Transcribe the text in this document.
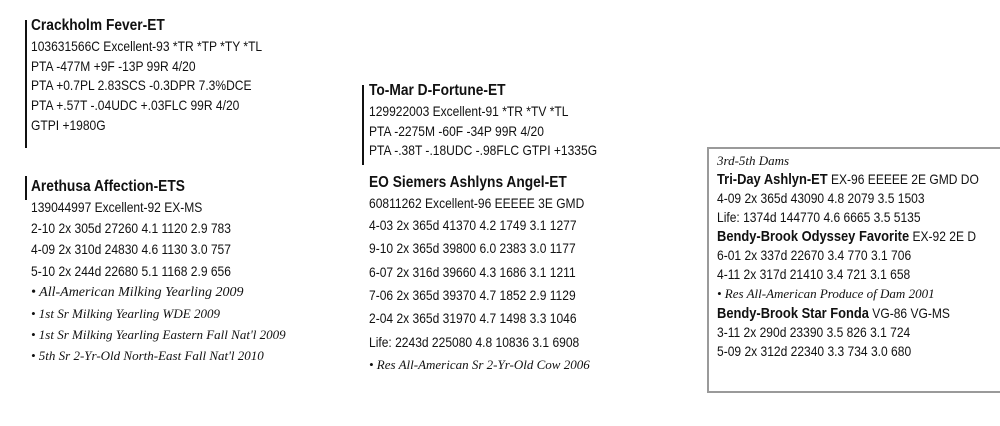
Crackholm Fever-ET
103631566C Excellent-93 *TR *TP *TY *TL
PTA -477M +9F -13P 99R 4/20
PTA +0.7PL 2.83SCS -0.3DPR 7.3%DCE
PTA +.57T -.04UDC +.03FLC 99R 4/20
GTPI +1980G
Arethusa Affection-ETS
139044997 Excellent-92 EX-MS
2-10 2x 305d 27260 4.1 1120 2.9 783
4-09 2x 310d 24830 4.6 1130 3.0 757
5-10 2x 244d 22680 5.1 1168 2.9 656
• All-American Milking Yearling 2009
• 1st Sr Milking Yearling WDE 2009
• 1st Sr Milking Yearling Eastern Fall Nat'l 2009
• 5th Sr 2-Yr-Old North-East Fall Nat'l 2010
To-Mar D-Fortune-ET
129922003 Excellent-91 *TR *TV *TL
PTA -2275M -60F -34P 99R 4/20
PTA -.38T -.18UDC -.98FLC GTPI +1335G
EO Siemers Ashlyns Angel-ET
60811262 Excellent-96 EEEEE 3E GMD
4-03 2x 365d 41370 4.2 1749 3.1 1277
9-10 2x 365d 39800 6.0 2383 3.0 1177
6-07 2x 316d 39660 4.3 1686 3.1 1211
7-06 2x 365d 39370 4.7 1852 2.9 1129
2-04 2x 365d 31970 4.7 1498 3.3 1046
Life: 2243d 225080 4.8 10836 3.1 6908
• Res All-American Sr 2-Yr-Old Cow 2006
3rd-5th Dams
Tri-Day Ashlyn-ET EX-96 EEEEE 2E GMD DO
4-09 2x 365d 43090 4.8 2079 3.5 1503
Life: 1374d 144770 4.6 6665 3.5 5135
Bendy-Brook Odyssey Favorite EX-92 2E D
6-01 2x 337d 22670 3.4 770 3.1 706
4-11 2x 317d 21410 3.4 721 3.1 658
• Res All-American Produce of Dam 2001
Bendy-Brook Star Fonda VG-86 VG-MS
3-11 2x 290d 23390 3.5 826 3.1 724
5-09 2x 312d 22340 3.3 734 3.0 680
